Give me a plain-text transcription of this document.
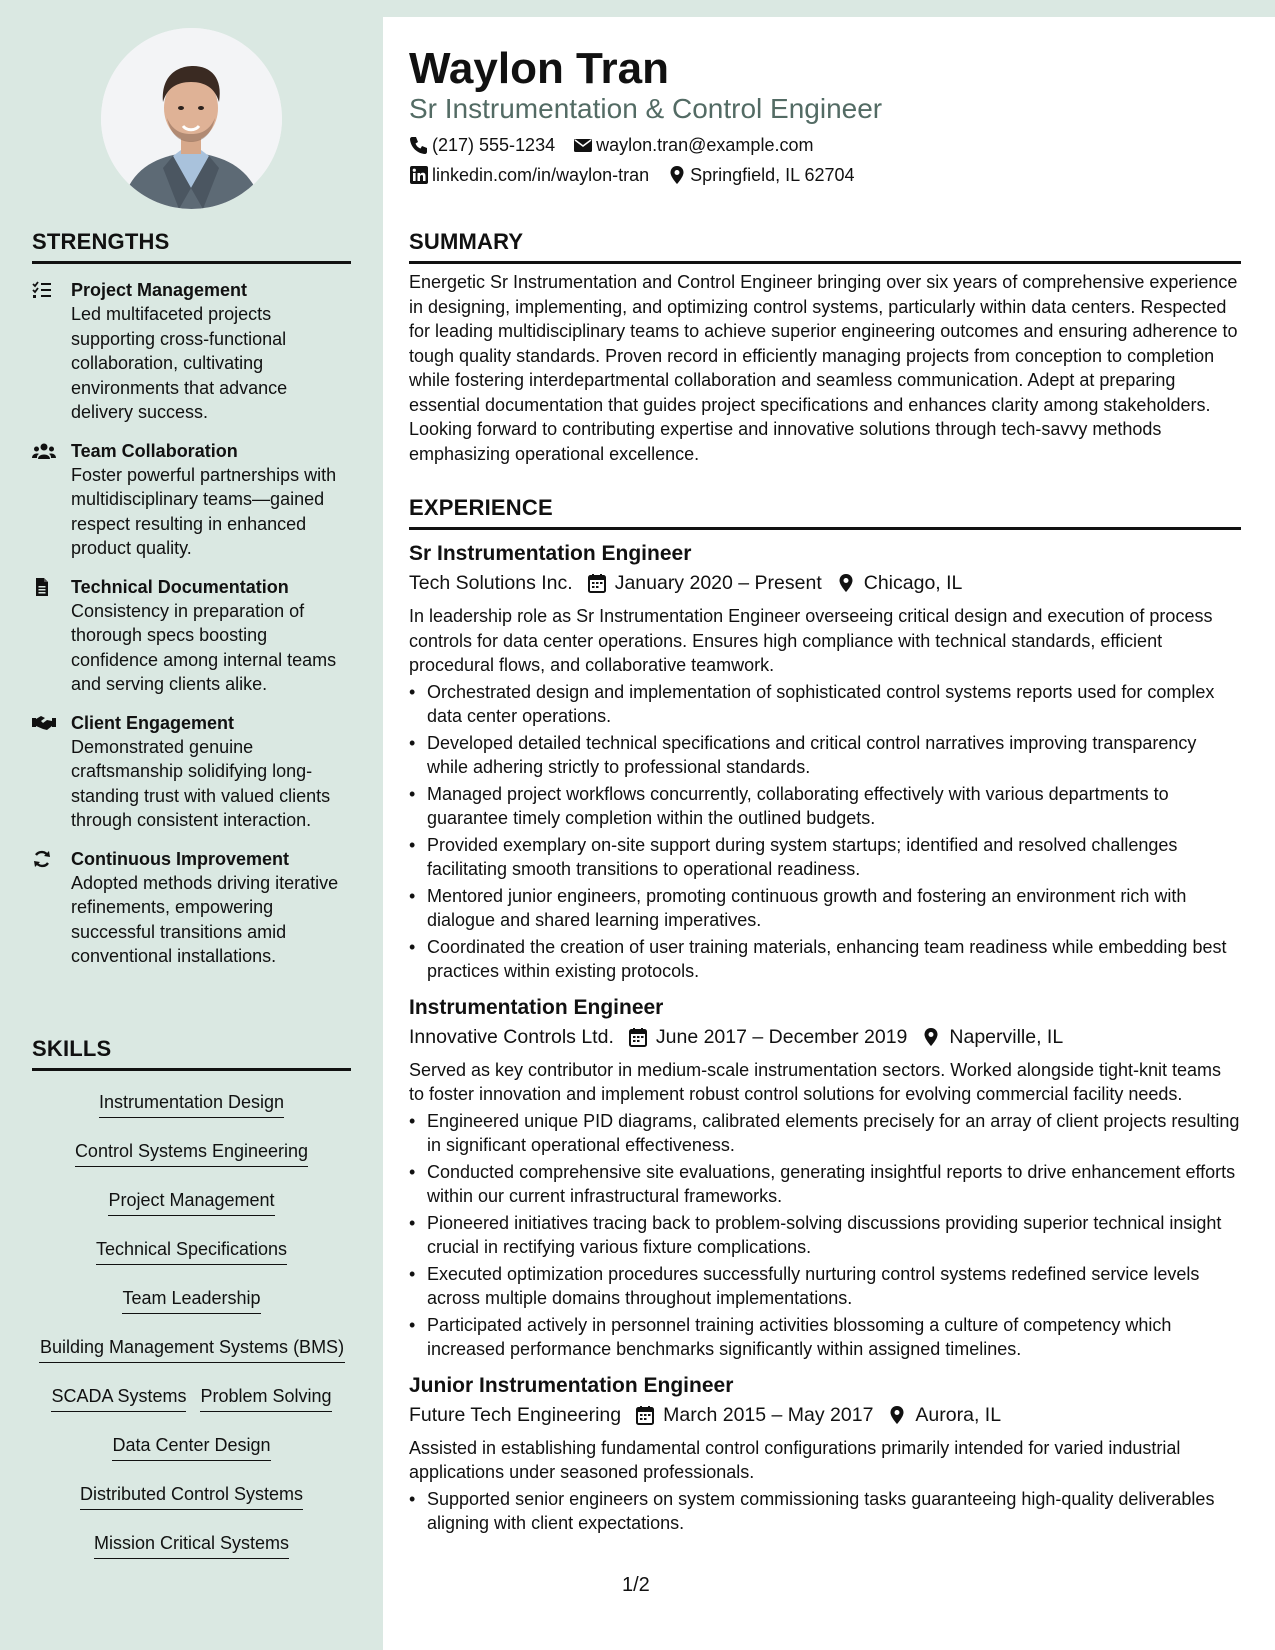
STRENGTHS
Project Management
Led multifaceted projects supporting cross-functional collaboration, cultivating environments that advance delivery success.
Team Collaboration
Foster powerful partnerships with multidisciplinary teams—gained respect resulting in enhanced product quality.
Technical Documentation
Consistency in preparation of thorough specs boosting confidence among internal teams and serving clients alike.
Client Engagement
Demonstrated genuine craftsmanship solidifying long-standing trust with valued clients through consistent interaction.
Continuous Improvement
Adopted methods driving iterative refinements, empowering successful transitions amid conventional installations.
SKILLS
Instrumentation Design
Control Systems Engineering
Project Management
Technical Specifications
Team Leadership
Building Management Systems (BMS)
SCADA Systems Problem Solving
Data Center Design
Distributed Control Systems
Mission Critical Systems
Waylon Tran
Sr Instrumentation & Control Engineer
(217) 555-1234 waylon.tran@example.com
linkedin.com/in/waylon-tran Springfield, IL 62704
SUMMARY

Energetic Sr Instrumentation and Control Engineer bringing over six years of comprehensive experience in designing, implementing, and optimizing control systems, particularly within data centers. Respected for leading multidisciplinary teams to achieve superior engineering outcomes and ensuring adherence to tough quality standards. Proven record in efficiently managing projects from conception to completion while fostering interdepartmental collaboration and seamless communication. Adept at preparing essential documentation that guides project specifications and enhances clarity among stakeholders. Looking forward to contributing expertise and innovative solutions through tech-savvy methods emphasizing operational excellence.

EXPERIENCE
Sr Instrumentation Engineer
Tech Solutions Inc. January 2020 – Present Chicago, IL

In leadership role as Sr Instrumentation Engineer overseeing critical design and execution of process controls for data center operations. Ensures high compliance with technical standards, efficient procedural flows, and collaborative teamwork.

• Orchestrated design and implementation of sophisticated control systems reports used for complex data center operations.
• Developed detailed technical specifications and critical control narratives improving transparency while adhering strictly to professional standards.
• Managed project workflows concurrently, collaborating effectively with various departments to guarantee timely completion within the outlined budgets.
• Provided exemplary on-site support during system startups; identified and resolved challenges facilitating smooth transitions to operational readiness.
• Mentored junior engineers, promoting continuous growth and fostering an environment rich with dialogue and shared learning imperatives.
• Coordinated the creation of user training materials, enhancing team readiness while embedding best practices within existing protocols.
Instrumentation Engineer
Innovative Controls Ltd. June 2017 – December 2019 Naperville, IL

Served as key contributor in medium-scale instrumentation sectors. Worked alongside tight-knit teams to foster innovation and implement robust control solutions for evolving commercial facility needs.

• Engineered unique PID diagrams, calibrated elements precisely for an array of client projects resulting in significant operational effectiveness.
• Conducted comprehensive site evaluations, generating insightful reports to drive enhancement efforts within our current infrastructural frameworks.
• Pioneered initiatives tracing back to problem-solving discussions providing superior technical insight crucial in rectifying various fixture complications.
• Executed optimization procedures successfully nurturing control systems redefined service levels across multiple domains throughout implementations.
• Participated actively in personnel training activities blossoming a culture of competency which increased performance benchmarks significantly within assigned timelines.
Junior Instrumentation Engineer
Future Tech Engineering March 2015 – May 2017 Aurora, IL

Assisted in establishing fundamental control configurations primarily intended for varied industrial applications under seasoned professionals.

• Supported senior engineers on system commissioning tasks guaranteeing high-quality deliverables aligning with client expectations.
1/2
